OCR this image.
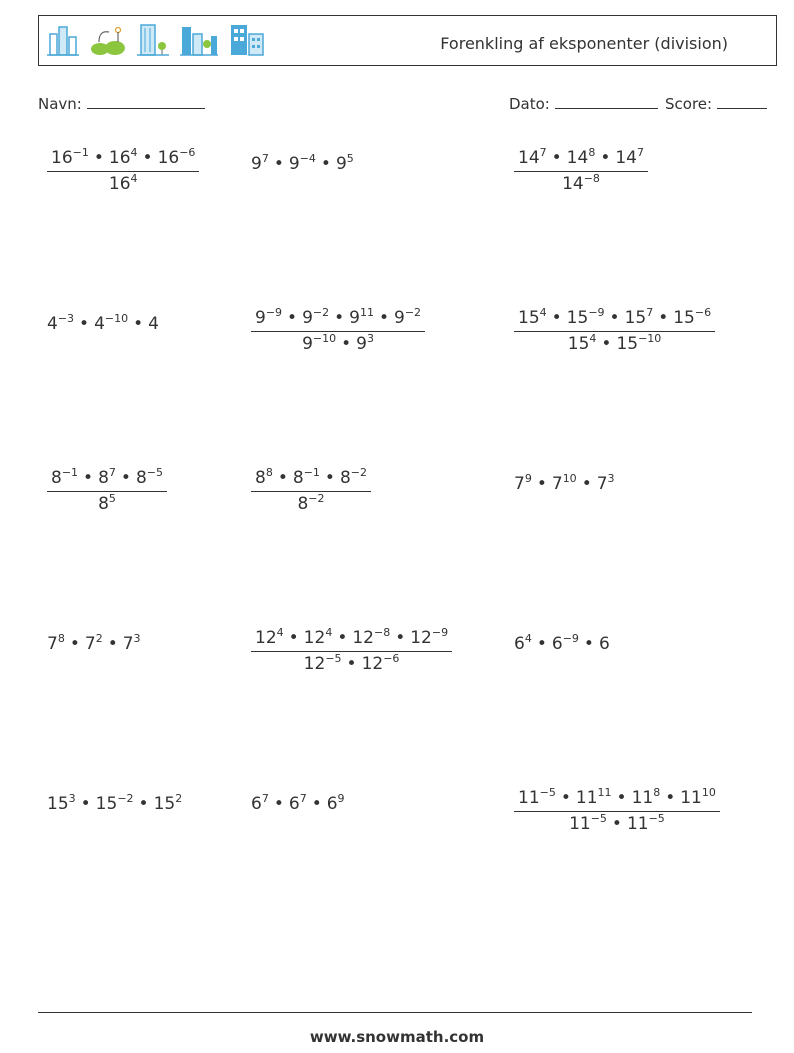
Forenkling af eksponenter (division)
Navn:	Dato:	Score:
$\frac{16^{-1} • 16^4 • 16^{-6}}{16^4}$	$9^7$ • $9^{-4}$ • $9^5$	$\frac{14^7 • 14^8 • 14^7}{14^{-8}}$
$4^{-3}$ • $4^{-10}$ • 4	$\frac{9^{-9} • 9^{-2} • 9^{11} • 9^{-2}}{9^{-10} • 9^3}$	$\frac{15^4 • 15^{-9} • 15^7 • 15^{-6}}{15^4 • 15^{-10}}$
$\frac{8^{-1} • 8^7 • 8^{-5}}{8^5}$	$\frac{8^8 • 8^{-1} • 8^{-2}}{8^{-2}}$	$7^9$ • $7^{10}$ • $7^3$
$7^8$ • $7^2$ • $7^3$	$\frac{12^4 • 12^4 • 12^{-8} • 12^{-9}}{12^{-5} • 12^{-6}}$	$6^4$ • $6^{-9}$ • 6
$15^3$ • $15^{-2}$ • $15^2$	$6^7$ • $6^7$ • $6^9$	$\frac{11^{-5} • 11^{11} • 11^8 • 11^{10}}{11^{-5} • 11^{-5}}$
www.snowmath.com
